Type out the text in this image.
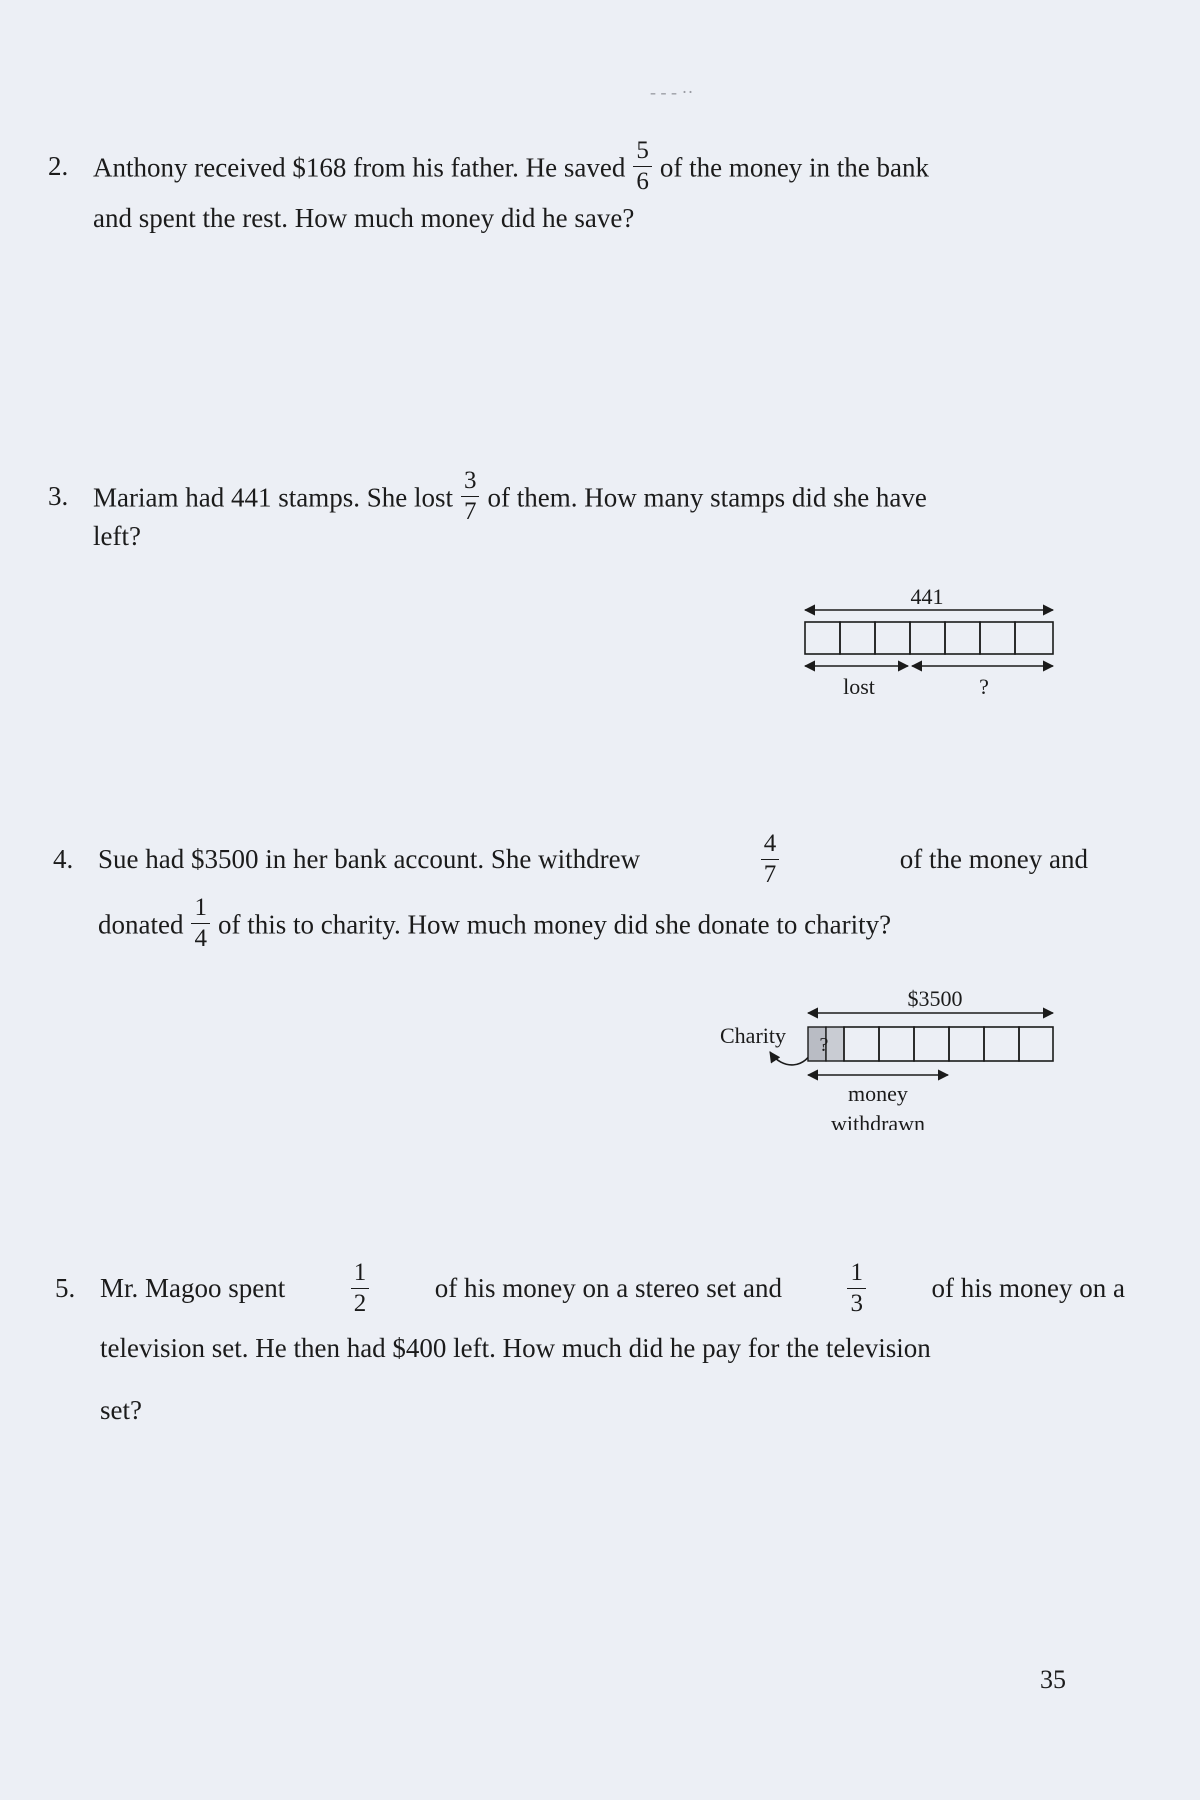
‐ ‐ ‐ ··
2. Anthony received $168 from his father. He saved $\frac{5}{6}$ of the money in the bank
and spent the rest. How much money did he save?
3. Mariam had 441 stamps. She lost $\frac{3}{7}$ of them. How many stamps did she have
left?
441
lost	?
4. Sue had $3500 in her bank account. She withdrew	$\frac{4}{7}$	of the money and
donated $\frac{1}{4}$ of this to charity. How much money did she donate to charity?
$3500
Charity ?
money
withdrawn
5. Mr. Magoo spent	$\frac{1}{2}$ of his money on a stereo set and	$\frac{1}{3}$ of his money on a
television set. He then had $400 left. How much did he pay for the television
set?
35
